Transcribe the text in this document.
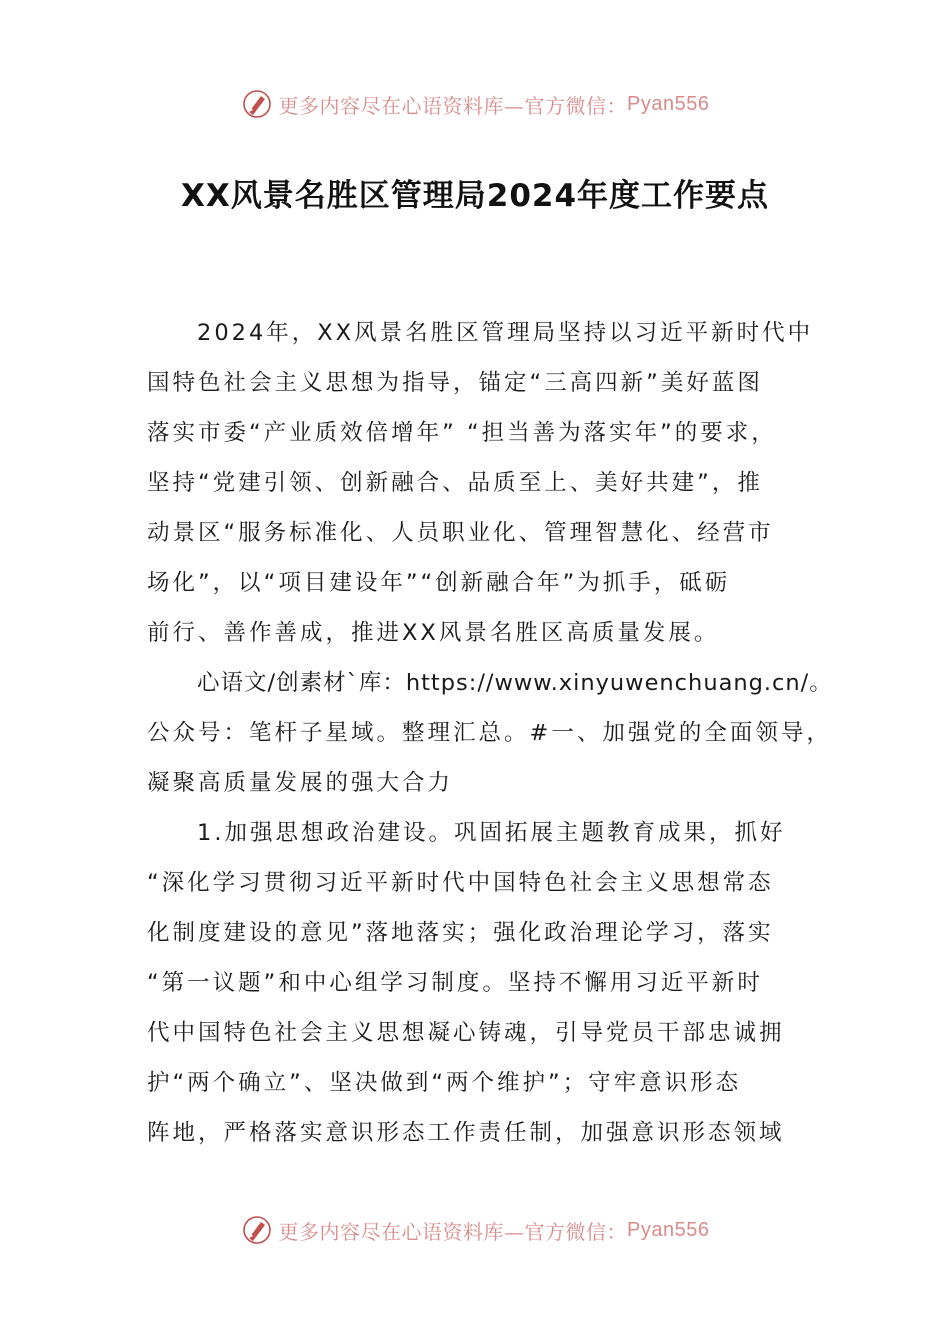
更多内容尽在心语资料库—官方微信： Pyan556
XX风景名胜区管理局2024年度工作要点

2024年，XX风景名胜区管理局坚持以习近平新时代中
国特色社会主义思想为指导，锚定“三高四新”美好蓝图
落实市委“产业质效倍增年” “担当善为落实年”的要求，
坚持“党建引领、创新融合、品质至上、美好共建”，推
动景区“服务标准化、人员职业化、管理智慧化、经营市
场化”，以“项目建设年”“创新融合年”为抓手，砥砺
前行、善作善成，推进XX风景名胜区高质量发展。

心语文/创素材`库：https://www.xinyuwenchuang.cn/。
公众号：笔杆子星域。整理汇总。#一、加强党的全面领导，
凝聚高质量发展的强大合力

1.加强思想政治建设。巩固拓展主题教育成果，抓好
“深化学习贯彻习近平新时代中国特色社会主义思想常态
化制度建设的意见”落地落实；强化政治理论学习，落实
“第一议题”和中心组学习制度。坚持不懈用习近平新时
代中国特色社会主义思想凝心铸魂，引导党员干部忠诚拥
护“两个确立”、坚决做到“两个维护”；守牢意识形态
阵地，严格落实意识形态工作责任制，加强意识形态领域

更多内容尽在心语资料库—官方微信： Pyan556
